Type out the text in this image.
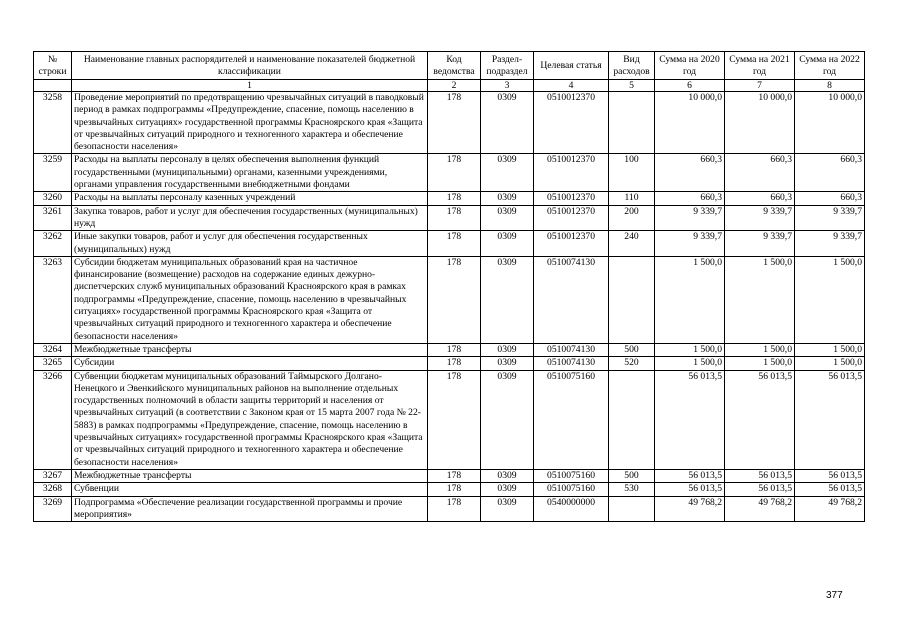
№ строки	Наименование главных распорядителей и наименование показателей бюджетной классификации	Код ведомства	Раздел-подраздел	Целевая статья	Вид расходов	Сумма на 2020 год	Сумма на 2021 год	Сумма на 2022 год
	1	2	3	4	5	6	7	8
3258	Проведение мероприятий по предотвращению чрезвычайных ситуаций в паводковый период в рамках подпрограммы «Предупреждение, спасение, помощь населению в чрезвычайных ситуациях» государственной программы Красноярского края «Защита от чрезвычайных ситуаций природного и техногенного характера и обеспечение безопасности населения»	178	0309	0510012370		10 000,0	10 000,0	10 000,0
3259	Расходы на выплаты персоналу в целях обеспечения выполнения функций государственными (муниципальными) органами, казенными учреждениями, органами управления государственными внебюджетными фондами	178	0309	0510012370	100	660,3	660,3	660,3
3260	Расходы на выплаты персоналу казенных учреждений	178	0309	0510012370	110	660,3	660,3	660,3
3261	Закупка товаров, работ и услуг для обеспечения государственных (муниципальных) нужд	178	0309	0510012370	200	9 339,7	9 339,7	9 339,7
3262	Иные закупки товаров, работ и услуг для обеспечения государственных (муниципальных) нужд	178	0309	0510012370	240	9 339,7	9 339,7	9 339,7
3263	Субсидии бюджетам муниципальных образований края на частичное финансирование (возмещение) расходов на содержание единых дежурно-диспетчерских служб муниципальных образований Красноярского края в рамках подпрограммы «Предупреждение, спасение, помощь населению в чрезвычайных ситуациях» государственной программы Красноярского края «Защита от чрезвычайных ситуаций природного и техногенного характера и обеспечение безопасности населения»	178	0309	0510074130		1 500,0	1 500,0	1 500,0
3264	Межбюджетные трансферты	178	0309	0510074130	500	1 500,0	1 500,0	1 500,0
3265	Субсидии	178	0309	0510074130	520	1 500,0	1 500,0	1 500,0
3266	Субвенции бюджетам муниципальных образований Таймырского Долгано-Ненецкого и Эвенкийского муниципальных районов на выполнение отдельных государственных полномочий в области защиты территорий и населения от чрезвычайных ситуаций (в соответствии с Законом края от 15 марта 2007 года № 22-5883) в рамках подпрограммы «Предупреждение, спасение, помощь населению в чрезвычайных ситуациях» государственной программы Красноярского края «Защита от чрезвычайных ситуаций природного и техногенного характера и обеспечение безопасности населения»	178	0309	0510075160		56 013,5	56 013,5	56 013,5
3267	Межбюджетные трансферты	178	0309	0510075160	500	56 013,5	56 013,5	56 013,5
3268	Субвенции	178	0309	0510075160	530	56 013,5	56 013,5	56 013,5
3269	Подпрограмма «Обеспечение реализации государственной программы и прочие мероприятия»	178	0309	0540000000		49 768,2	49 768,2	49 768,2
377
